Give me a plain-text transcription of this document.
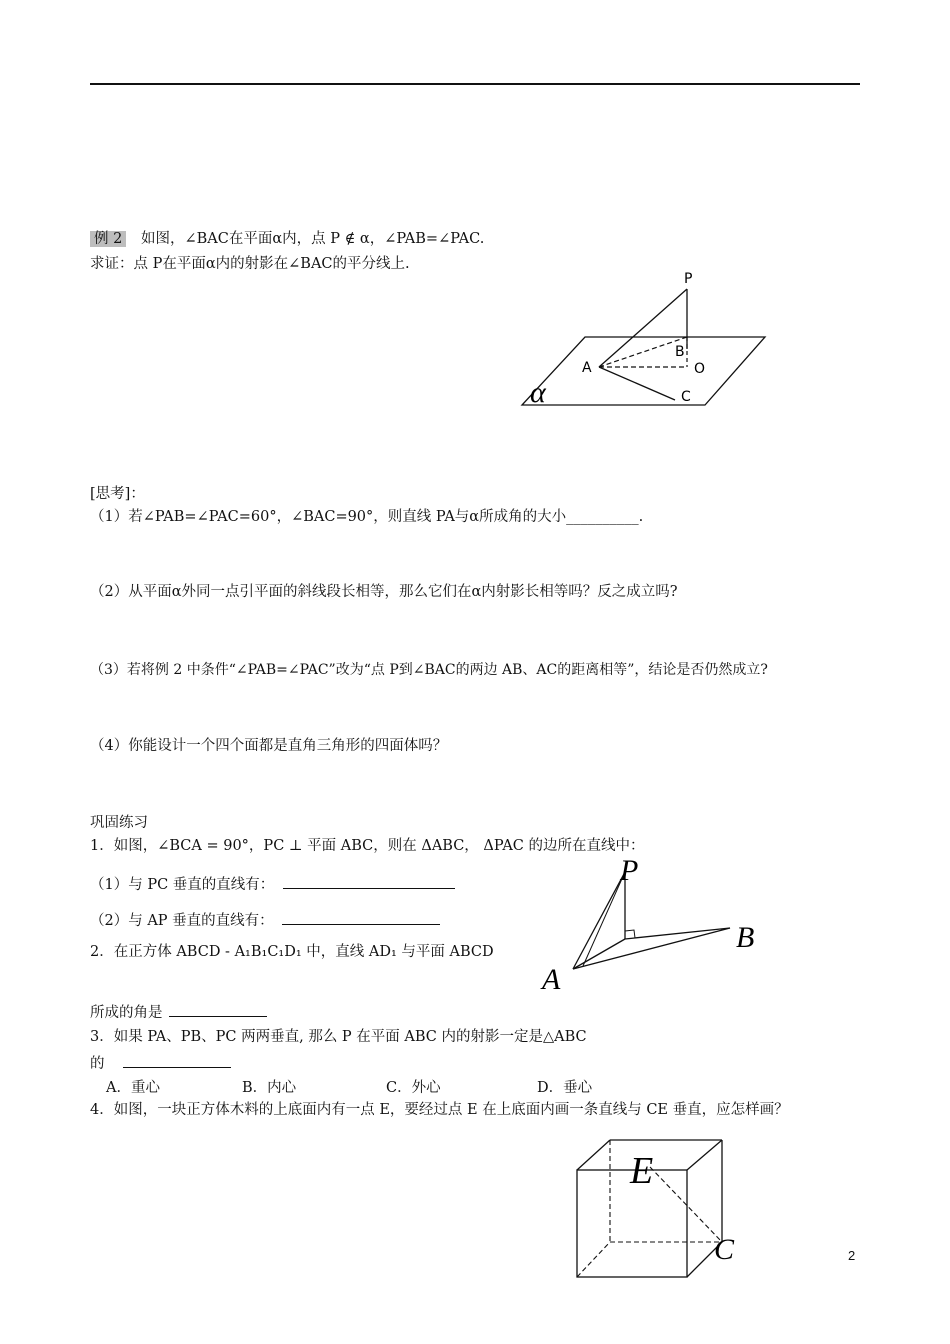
例 2 如图，∠BAC在平面α内，点 P ∉ α，∠PAB=∠PAC.
求证：点 P在平面α内的射影在∠BAC的平分线上.
P
B
A	O
C
α
[思考]：
（1）若∠PAB=∠PAC=60°，∠BAC=90°，则直线 PA与α所成角的大小__________.
（2）从平面α外同一点引平面的斜线段长相等，那么它们在α内射影长相等吗？反之成立吗?
（3）若将例 2 中条件“∠PAB=∠PAC”改为“点 P到∠BAC的两边 AB、AC的距离相等”，结论是否仍然成立?
（4）你能设计一个四个面都是直角三角形的四面体吗？
巩固练习
1．如图，∠BCA = 90°，PC ⊥ 平面 ABC，则在 ΔABC， ΔPAC 的边所在直线中：
（1）与 PC 垂直的直线有：
（2）与 AP 垂直的直线有：
2．在正方体 ABCD - A₁B₁C₁D₁ 中，直线 AD₁ 与平面 ABCD
所成的角是
3．如果 PA、PB、PC 两两垂直, 那么 P 在平面 ABC 内的射影一定是△ABC
的
A．重心	B．内心	C．外心	D．垂心
4．如图，一块正方体木料的上底面内有一点 E，要经过点 E 在上底面内画一条直线与 CE 垂直，应怎样画？
P
B
A
E
C	2
